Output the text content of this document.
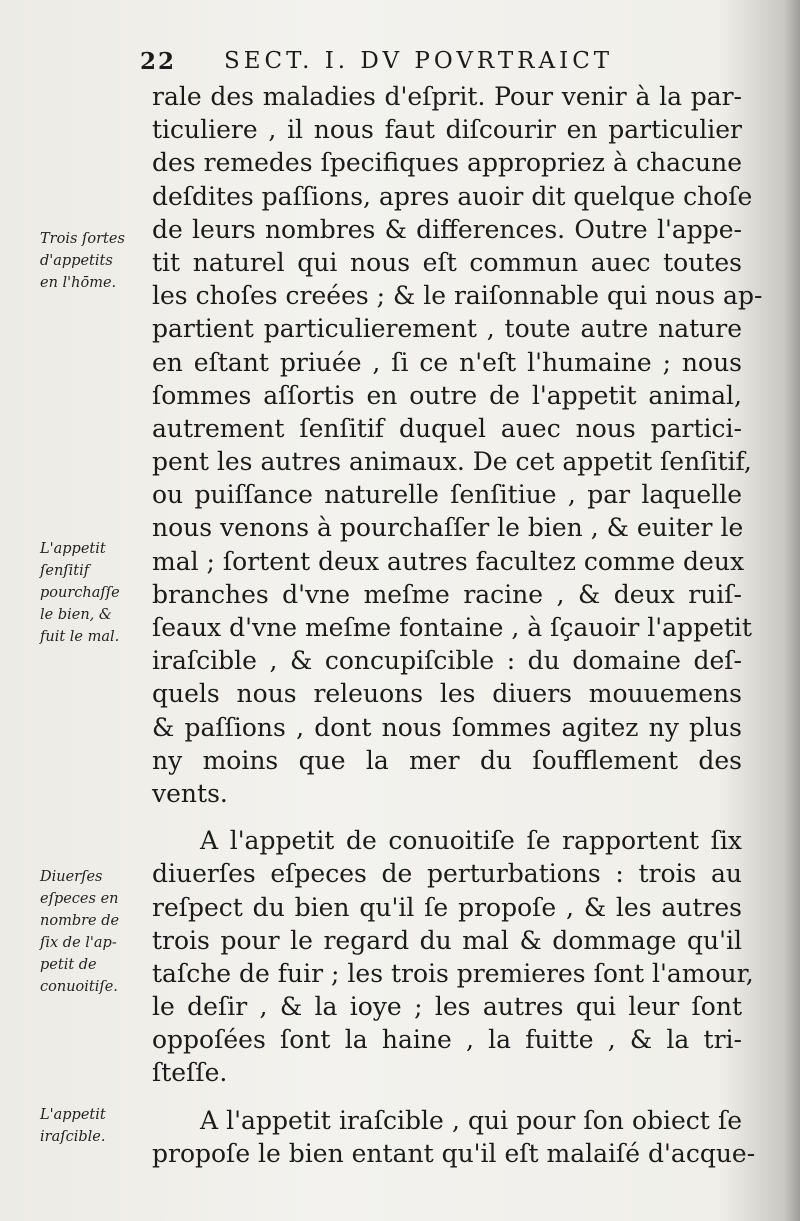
22 SECT. I. DV POVRTRAICT
rale des maladies d'eſprit. Pour venir à la par-
ticuliere , il nous faut diſcourir en particulier
des remedes ſpecifiques appropriez à chacune
deſdites paſſions, apres auoir dit quelque choſe
de leurs nombres & differences. Outre l'appe-
tit naturel qui nous eſt commun auec toutes
les choſes creées ; & le raiſonnable qui nous ap-
partient particulierement , toute autre nature
en eſtant priuée , ſi ce n'eſt l'humaine ; nous
ſommes aſſortis en outre de l'appetit animal,
autrement ſenſitif duquel auec nous partici-
pent les autres animaux. De cet appetit ſenſitif,
ou puiſſance naturelle ſenſitiue , par laquelle
nous venons à pourchaſſer le bien , & euiter le
mal ; ſortent deux autres facultez comme deux
branches d'vne meſme racine , & deux ruiſ-
ſeaux d'vne meſme fontaine , à ſçauoir l'appetit
iraſcible , & concupiſcible : du domaine deſ-
quels nous releuons les diuers mouuemens
& paſſions , dont nous ſommes agitez ny plus
ny moins que la mer du ſoufflement des
vents.
A l'appetit de conuoitiſe ſe rapportent ſix
diuerſes eſpeces de perturbations : trois au
reſpect du bien qu'il ſe propoſe , & les autres
trois pour le regard du mal & dommage qu'il
taſche de fuir ; les trois premieres ſont l'amour,
le deſir , & la ioye ; les autres qui leur ſont
oppoſées ſont la haine , la fuitte , & la tri-
ſteſſe.
A l'appetit iraſcible , qui pour ſon obiect ſe
propoſe le bien entant qu'il eſt malaiſé d'acque-
Trois ſortes
d'appetits
en l'hōme.
L'appetit
ſenſitif
pourchaſſe
le bien, &
fuit le mal.
Diuerſes
eſpeces en
nombre de
ſix de l'ap-
petit de
conuoitiſe.
L'appetit
iraſcible.
